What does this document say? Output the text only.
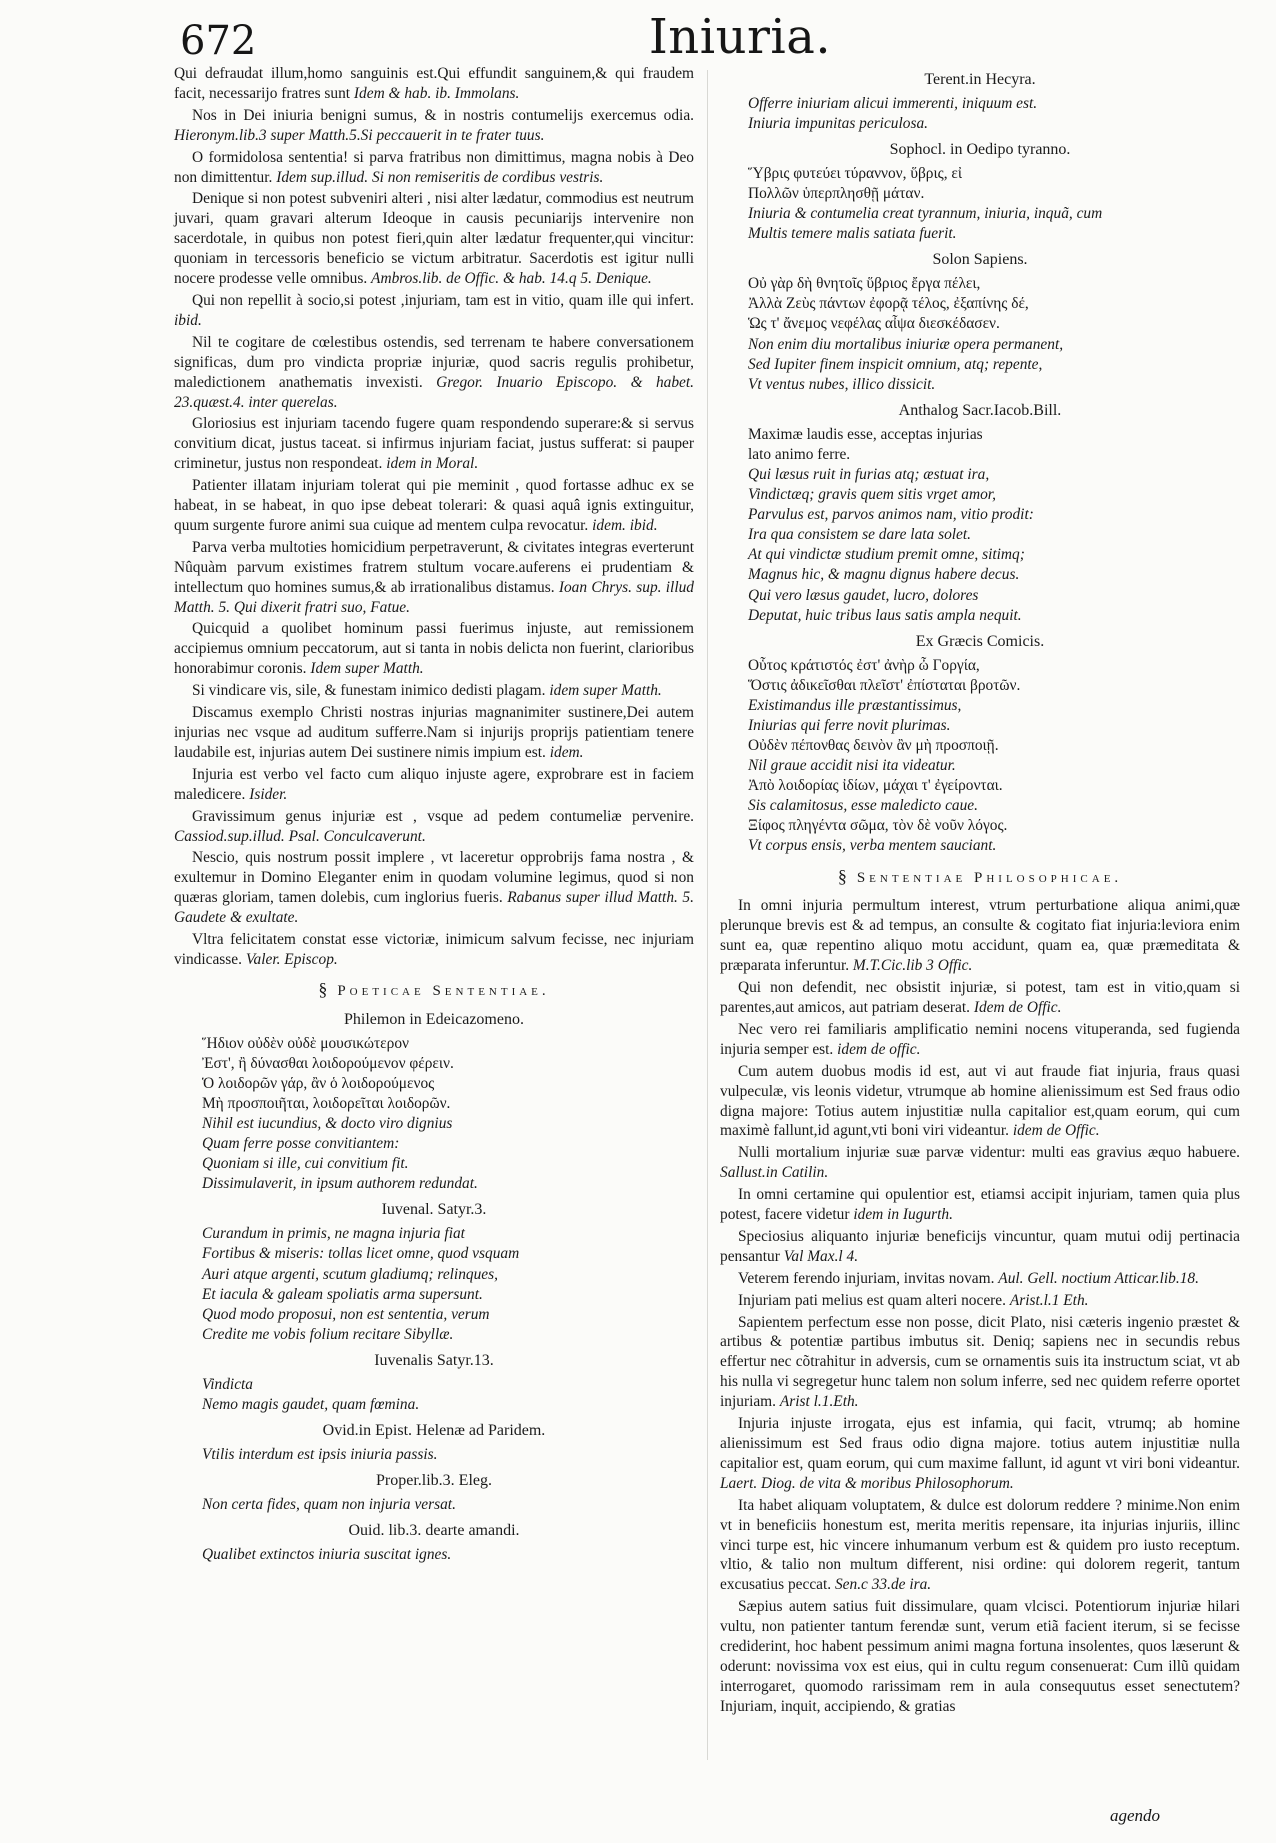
672	Iniuria.

Qui defraudat illum,homo sanguinis est.Qui effundit sanguinem,& qui fraudem facit, necessarijo fratres sunt Idem & hab. ib. Immolans.

Nos in Dei iniuria benigni sumus, & in nostris contumelijs exercemus odia. Hieronym.lib.3 super Matth.5.Si peccauerit in te frater tuus.

O formidolosa sententia! si parva fratribus non dimittimus, magna nobis à Deo non dimittentur. Idem sup.illud. Si non remiseritis de cordibus vestris.

Denique si non potest subveniri alteri , nisi alter lædatur, commodius est neutrum juvari, quam gravari alterum Ideoque in causis pecuniarijs intervenire non sacerdotale, in quibus non potest fieri,quin alter lædatur frequenter,qui vincitur: quoniam in tercessoris beneficio se victum arbitratur. Sacerdotis est igitur nulli nocere prodesse velle omnibus. Ambros.lib. de Offic. & hab. 14.q 5. Denique.

Qui non repellit à socio,si potest ,injuriam, tam est in vitio, quam ille qui infert. ibid.

Nil te cogitare de cœlestibus ostendis, sed terrenam te habere conversationem significas, dum pro vindicta propriæ injuriæ, quod sacris regulis prohibetur, maledictionem anathematis invexisti. Gregor. Inuario Episcopo. & habet. 23.quæst.4. inter querelas.

Gloriosius est injuriam tacendo fugere quam respondendo superare:& si servus convitium dicat, justus taceat. si infirmus injuriam faciat, justus sufferat: si pauper criminetur, justus non respondeat. idem in Moral.

Patienter illatam injuriam tolerat qui pie meminit , quod fortasse adhuc ex se habeat, in se habeat, in quo ipse debeat tolerari: & quasi aquâ ignis extinguitur, quum surgente furore animi sua cuique ad mentem culpa revocatur. idem. ibid.

Parva verba multoties homicidium perpetraverunt, & civitates integras everterunt Nûquàm parvum existimes fratrem stultum vocare.auferens ei prudentiam & intellectum quo homines sumus,& ab irrationalibus distamus. Ioan Chrys. sup. illud Matth. 5. Qui dixerit fratri suo, Fatue.

Quicquid a quolibet hominum passi fuerimus injuste, aut remissionem accipiemus omnium peccatorum, aut si tanta in nobis delicta non fuerint, clarioribus honorabimur coronis. Idem super Matth.

Si vindicare vis, sile, & funestam inimico dedisti plagam. idem super Matth.

Discamus exemplo Christi nostras injurias magnanimiter sustinere,Dei autem injurias nec vsque ad auditum sufferre.Nam si injurijs proprijs patientiam tenere laudabile est, injurias autem Dei sustinere nimis impium est. idem.

Injuria est verbo vel facto cum aliquo injuste agere, exprobrare est in faciem maledicere. Isider.

Gravissimum genus injuriæ est , vsque ad pedem contumeliæ pervenire. Cassiod.sup.illud. Psal. Conculcaverunt.

Nescio, quis nostrum possit implere , vt laceretur opprobrijs fama nostra , & exultemur in Domino Eleganter enim in quodam volumine legimus, quod si non quæras gloriam, tamen dolebis, cum inglorius fueris. Rabanus super illud Matth. 5. Gaudete & exultate.

Vltra felicitatem constat esse victoriæ, inimicum salvum fecisse, nec injuriam vindicasse. Valer. Episcop.

§ Poeticae Sententiae.
Philemon in Edeicazomeno.
Ἥδιον οὐδὲν οὐδὲ μουσικώτερον
Ἐστ', ἢ δύνασθαι λοιδορούμενον φέρειν.
Ὁ λοιδορῶν γάρ, ἂν ὁ λοιδορούμενος
Μὴ προσποιῆται, λοιδορεῖται λοιδορῶν.
Nihil est iucundius, & docto viro dignius
Quam ferre posse convitiantem:
Quoniam si ille, cui convitium fit.
Dissimulaverit, in ipsum authorem redundat.
Iuvenal. Satyr.3.
Curandum in primis, ne magna injuria fiat
Fortibus & miseris: tollas licet omne, quod vsquam
Auri atque argenti, scutum gladiumq; relinques,
Et iacula & galeam spoliatis arma supersunt.
Quod modo proposui, non est sententia, verum
Credite me vobis folium recitare Sibyllæ.
Iuvenalis Satyr.13.
Vindicta
Nemo magis gaudet, quam fœmina.
Ovid.in Epist. Helenæ ad Paridem.
Vtilis interdum est ipsis iniuria passis.
Proper.lib.3. Eleg.
Non certa fides, quam non injuria versat.
Ouid. lib.3. dearte amandi.
Qualibet extinctos iniuria suscitat ignes.
Terent.in Hecyra.
Offerre iniuriam alicui immerenti, iniquum est.
Iniuria impunitas periculosa.
Sophocl. in Oedipo tyranno.
Ὕβρις φυτεύει τύραννον, ὕβρις, εἰ
Πολλῶν ὑπερπλησθῇ μάταν.
Iniuria & contumelia creat tyrannum, iniuria, inquã, cum
Multis temere malis satiata fuerit.
Solon Sapiens.
Οὐ γὰρ δὴ θνητοῖς ὕβριος ἔργα πέλει,
Ἀλλὰ Ζεὺς πάντων ἐφορᾷ τέλος, ἐξαπίνης δέ,
Ὡς τ' ἄνεμος νεφέλας αἶψα διεσκέδασεν.
Non enim diu mortalibus iniuriæ opera permanent,
Sed Iupiter finem inspicit omnium, atq; repente,
Vt ventus nubes, illico dissicit.
Anthalog Sacr.Iacob.Bill.
Maximæ laudis esse, acceptas injurias
lato animo ferre.
Qui læsus ruit in furias atq; æstuat ira,
Vindictæq; gravis quem sitis vrget amor,
Parvulus est, parvos animos nam, vitio prodit:
Ira qua consistem se dare lata solet.
At qui vindictæ studium premit omne, sitimq;
Magnus hic, & magnu dignus habere decus.
Qui vero læsus gaudet, lucro, dolores
Deputat, huic tribus laus satis ampla nequit.
Ex Græcis Comicis.
Οὗτος κράτιστός ἐστ' ἀνὴρ ὦ Γοργία,
Ὅστις ἀδικεῖσθαι πλεῖστ' ἐπίσταται βροτῶν.
Existimandus ille præstantissimus,
Iniurias qui ferre novit plurimas.
Οὐδὲν πέπονθας δεινὸν ἂν μὴ προσποιῇ.
Nil graue accidit nisi ita videatur.
Ἀπὸ λοιδορίας ἰδίων, μάχαι τ' ἐγείρονται.
Sis calamitosus, esse maledicto caue.
Ξίφος πληγέντα σῶμα, τὸν δὲ νοῦν λόγος.
Vt corpus ensis, verba mentem sauciant.
§ Sententiae Philosophicae.

In omni injuria permultum interest, vtrum perturbatione aliqua animi,quæ plerunque brevis est & ad tempus, an consulte & cogitato fiat injuria:leviora enim sunt ea, quæ repentino aliquo motu accidunt, quam ea, quæ præmeditata & præparata inferuntur. M.T.Cic.lib 3 Offic.

Qui non defendit, nec obsistit injuriæ, si potest, tam est in vitio,quam si parentes,aut amicos, aut patriam deserat. Idem de Offic.

Nec vero rei familiaris amplificatio nemini nocens vituperanda, sed fugienda injuria semper est. idem de offic.

Cum autem duobus modis id est, aut vi aut fraude fiat injuria, fraus quasi vulpeculæ, vis leonis videtur, vtrumque ab homine alienissimum est Sed fraus odio digna majore: Totius autem injustitiæ nulla capitalior est,quam eorum, qui cum maximè fallunt,id agunt,vti boni viri videantur. idem de Offic.

Nulli mortalium injuriæ suæ parvæ videntur: multi eas gravius æquo habuere. Sallust.in Catilin.

In omni certamine qui opulentior est, etiamsi accipit injuriam, tamen quia plus potest, facere videtur idem in Iugurth.

Speciosius aliquanto injuriæ beneficijs vincuntur, quam mutui odij pertinacia pensantur Val Max.l 4.

Veterem ferendo injuriam, invitas novam. Aul. Gell. noctium Atticar.lib.18.

Injuriam pati melius est quam alteri nocere. Arist.l.1 Eth.

Sapientem perfectum esse non posse, dicit Plato, nisi cæteris ingenio præstet & artibus & potentiæ partibus imbutus sit. Deniq; sapiens nec in secundis rebus effertur nec cõtrahitur in adversis, cum se ornamentis suis ita instructum sciat, vt ab his nulla vi segregetur hunc talem non solum inferre, sed nec quidem referre oportet injuriam. Arist l.1.Eth.

Injuria injuste irrogata, ejus est infamia, qui facit, vtrumq; ab homine alienissimum est Sed fraus odio digna majore. totius autem injustitiæ nulla capitalior est, quam eorum, qui cum maxime fallunt, id agunt vt viri boni videantur. Laert. Diog. de vita & moribus Philosophorum.

Ita habet aliquam voluptatem, & dulce est dolorum reddere ? minime.Non enim vt in beneficiis honestum est, merita meritis repensare, ita injurias injuriis, illinc vinci turpe est, hic vincere inhumanum verbum est & quidem pro iusto receptum. vltio, & talio non multum different, nisi ordine: qui dolorem regerit, tantum excusatius peccat. Sen.c 33.de ira.

Sæpius autem satius fuit dissimulare, quam vlcisci. Potentiorum injuriæ hilari vultu, non patienter tantum ferendæ sunt, verum etiã facient iterum, si se fecisse crediderint, hoc habent pessimum animi magna fortuna insolentes, quos læserunt & oderunt: novissima vox est eius, qui in cultu regum consenuerat: Cum illũ quidam interrogaret, quomodo rarissimam rem in aula consequutus esset senectutem? Injuriam, inquit, accipiendo, & gratias

agendo
